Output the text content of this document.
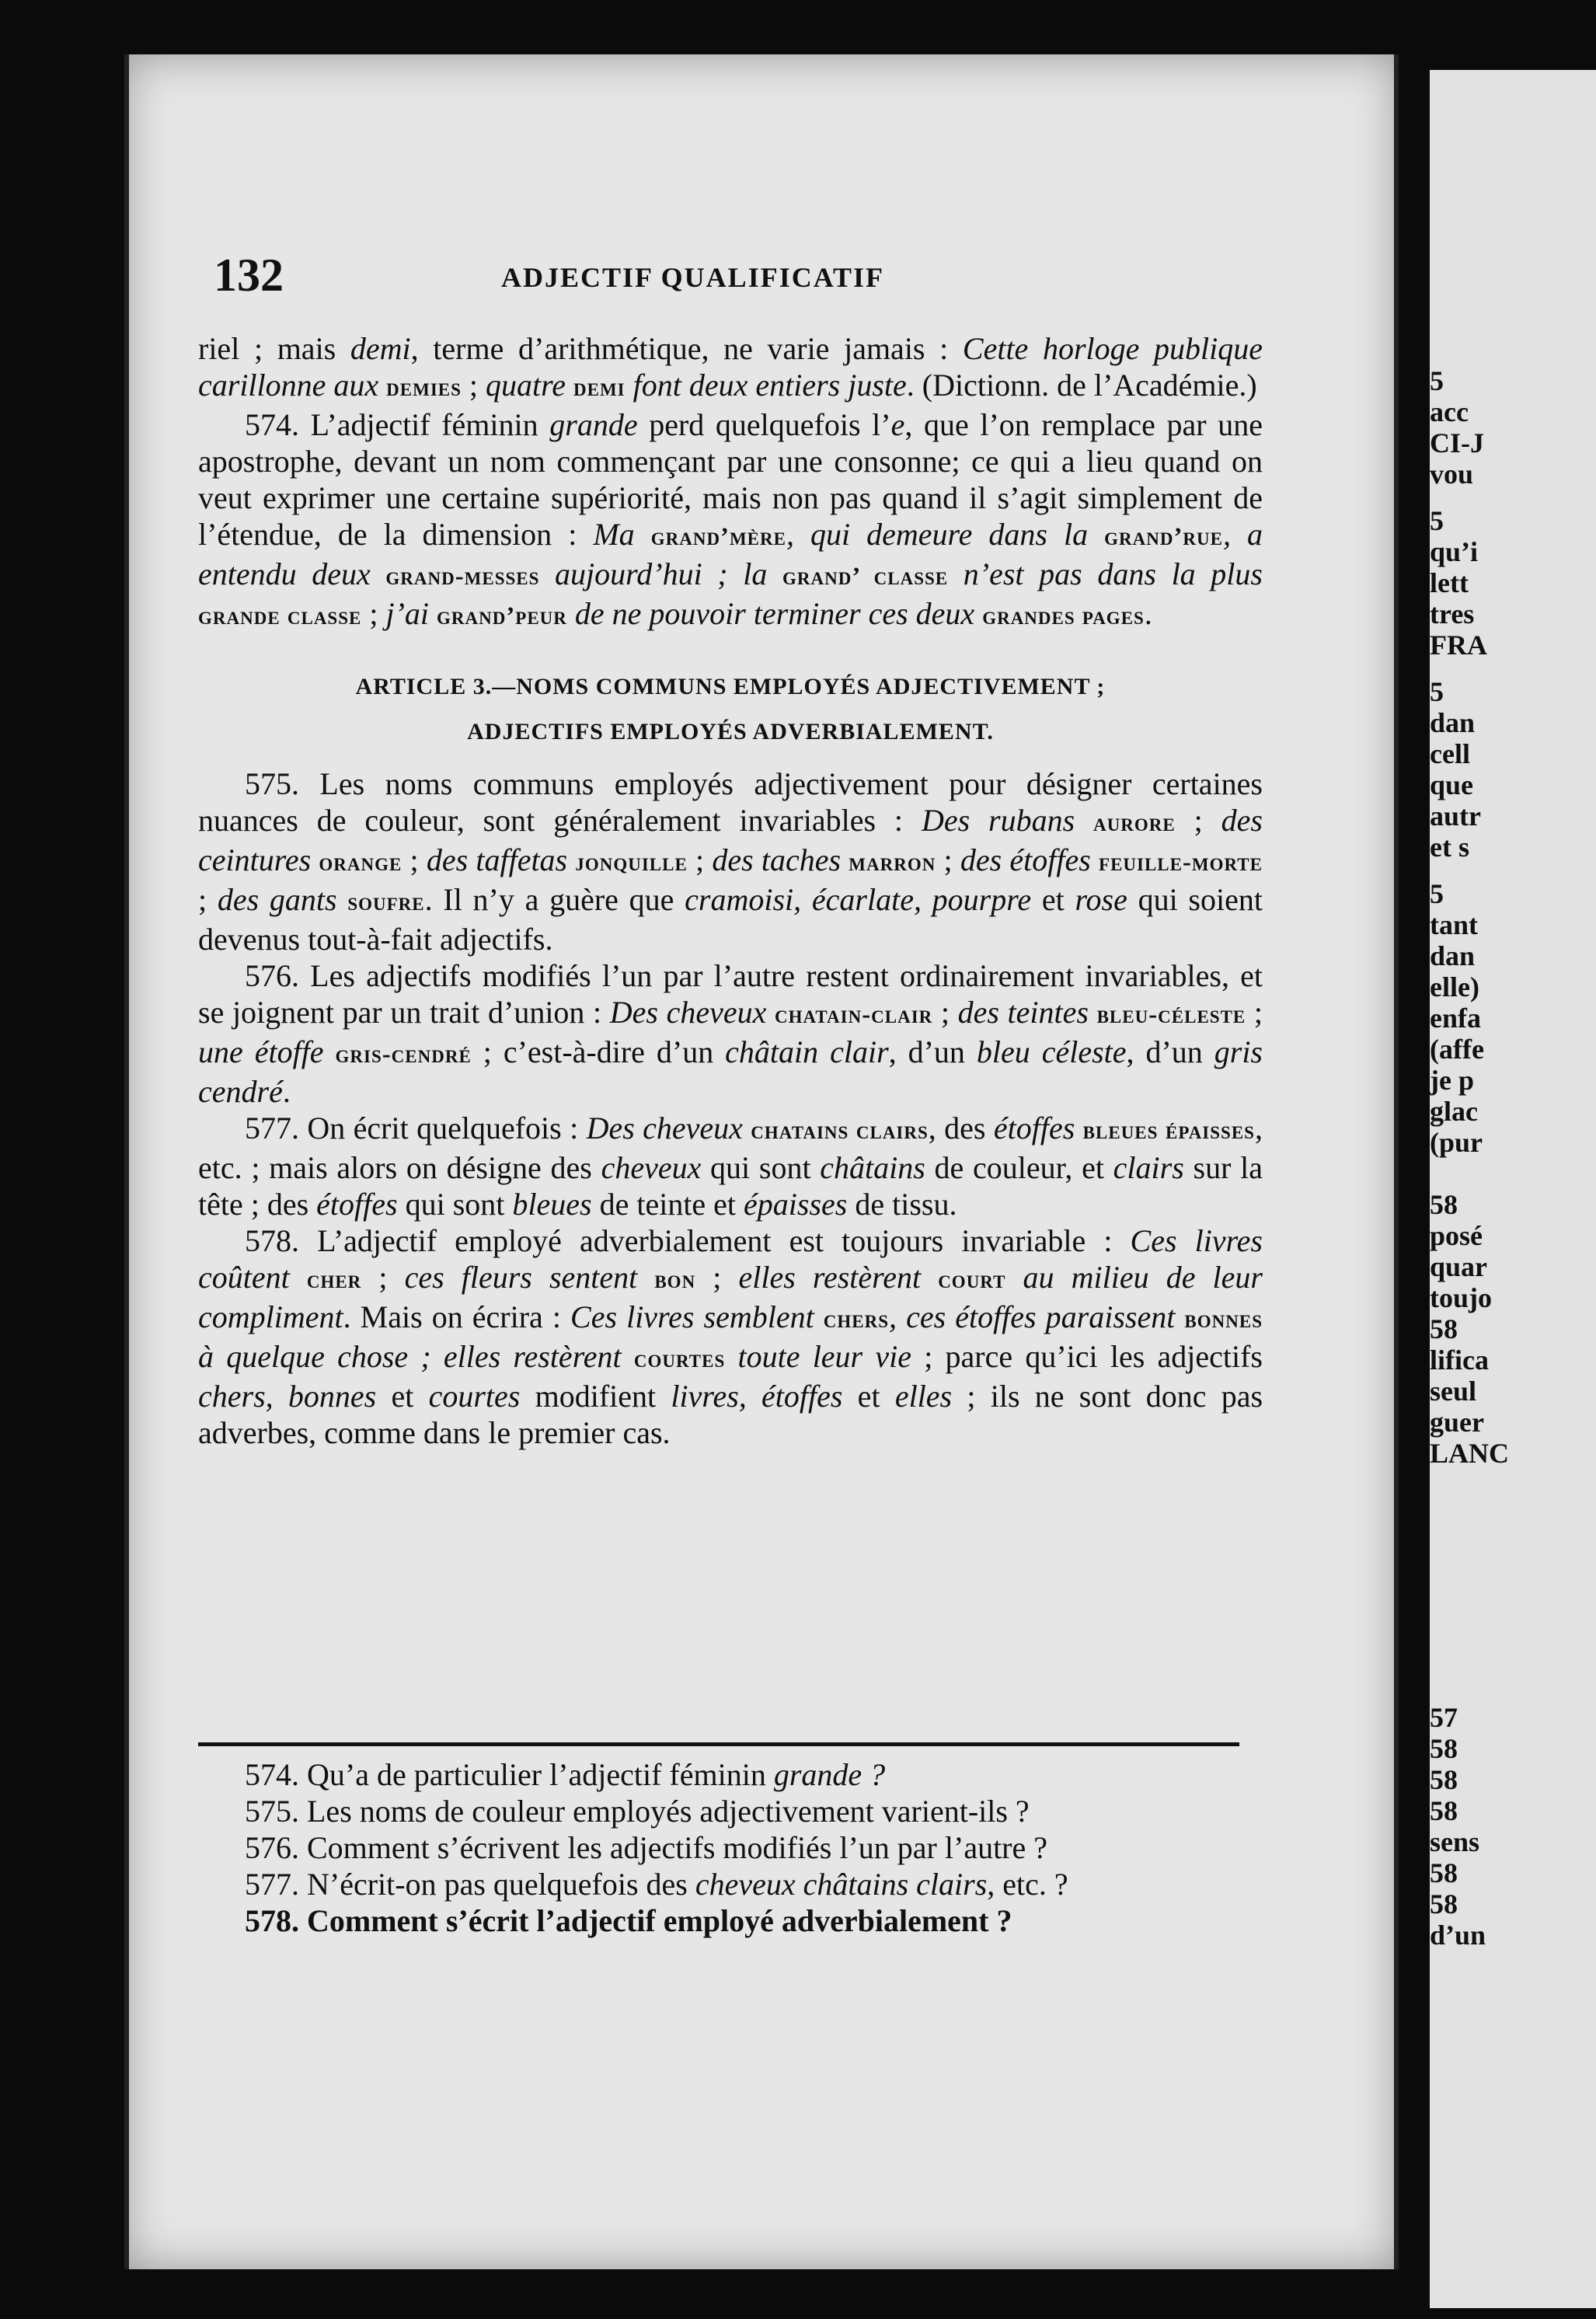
5
acc
CI-J
vou
5
qu’i
lett
tres
FRA
5
dan
cell
que
autr
et s
5
tant
dan
elle)
enfa
(affe
je p
glac
(pur
58
posé
quar
toujo
58
lifica
seul
guer
LANC
57
58
58
58
sens
58
58
d’un
132	ADJECTIF QUALIFICATIF

riel ; mais demi, terme d’arithmétique, ne varie jamais : Cette horloge publique carillonne aux demies ; quatre demi font deux entiers juste. (Dictionn. de l’Académie.)

574. L’adjectif féminin grande perd quelquefois l’e, que l’on remplace par une apostrophe, devant un nom commençant par une consonne; ce qui a lieu quand on veut exprimer une certaine supériorité, mais non pas quand il s’agit simplement de l’étendue, de la dimension : Ma grand’mère, qui demeure dans la grand’rue, a entendu deux grand-messes aujourd’hui ; la grand’ classe n’est pas dans la plus grande classe ; j’ai grand’peur de ne pouvoir terminer ces deux grandes pages.

ARTICLE 3.—NOMS COMMUNS EMPLOYÉS ADJECTIVEMENT ;
ADJECTIFS EMPLOYÉS ADVERBIALEMENT.

575. Les noms communs employés adjectivement pour désigner certaines nuances de couleur, sont généralement invariables : Des rubans aurore ; des ceintures orange ; des taffetas jonquille ; des taches marron ; des étoffes feuille-morte ; des gants soufre. Il n’y a guère que cramoisi, écarlate, pourpre et rose qui soient devenus tout-à-fait adjectifs.

576. Les adjectifs modifiés l’un par l’autre restent ordinairement invariables, et se joignent par un trait d’union : Des cheveux chatain-clair ; des teintes bleu-céleste ; une étoffe gris-cendré ; c’est-à-dire d’un châtain clair, d’un bleu céleste, d’un gris cendré.

577. On écrit quelquefois : Des cheveux chatains clairs, des étoffes bleues épaisses, etc. ; mais alors on désigne des cheveux qui sont châtains de couleur, et clairs sur la tête ; des étoffes qui sont bleues de teinte et épaisses de tissu.

578. L’adjectif employé adverbialement est toujours invariable : Ces livres coûtent cher ; ces fleurs sentent bon ; elles restèrent court au milieu de leur compliment. Mais on écrira : Ces livres semblent chers, ces étoffes paraissent bonnes à quelque chose ; elles restèrent courtes toute leur vie ; parce qu’ici les adjectifs chers, bonnes et courtes modifient livres, étoffes et elles ; ils ne sont donc pas adverbes, comme dans le premier cas.

574. Qu’a de particulier l’adjectif féminin grande ?

575. Les noms de couleur employés adjectivement varient-ils ?

576. Comment s’écrivent les adjectifs modifiés l’un par l’autre ?

577. N’écrit-on pas quelquefois des cheveux châtains clairs, etc. ?

578. Comment s’écrit l’adjectif employé adverbialement ?
